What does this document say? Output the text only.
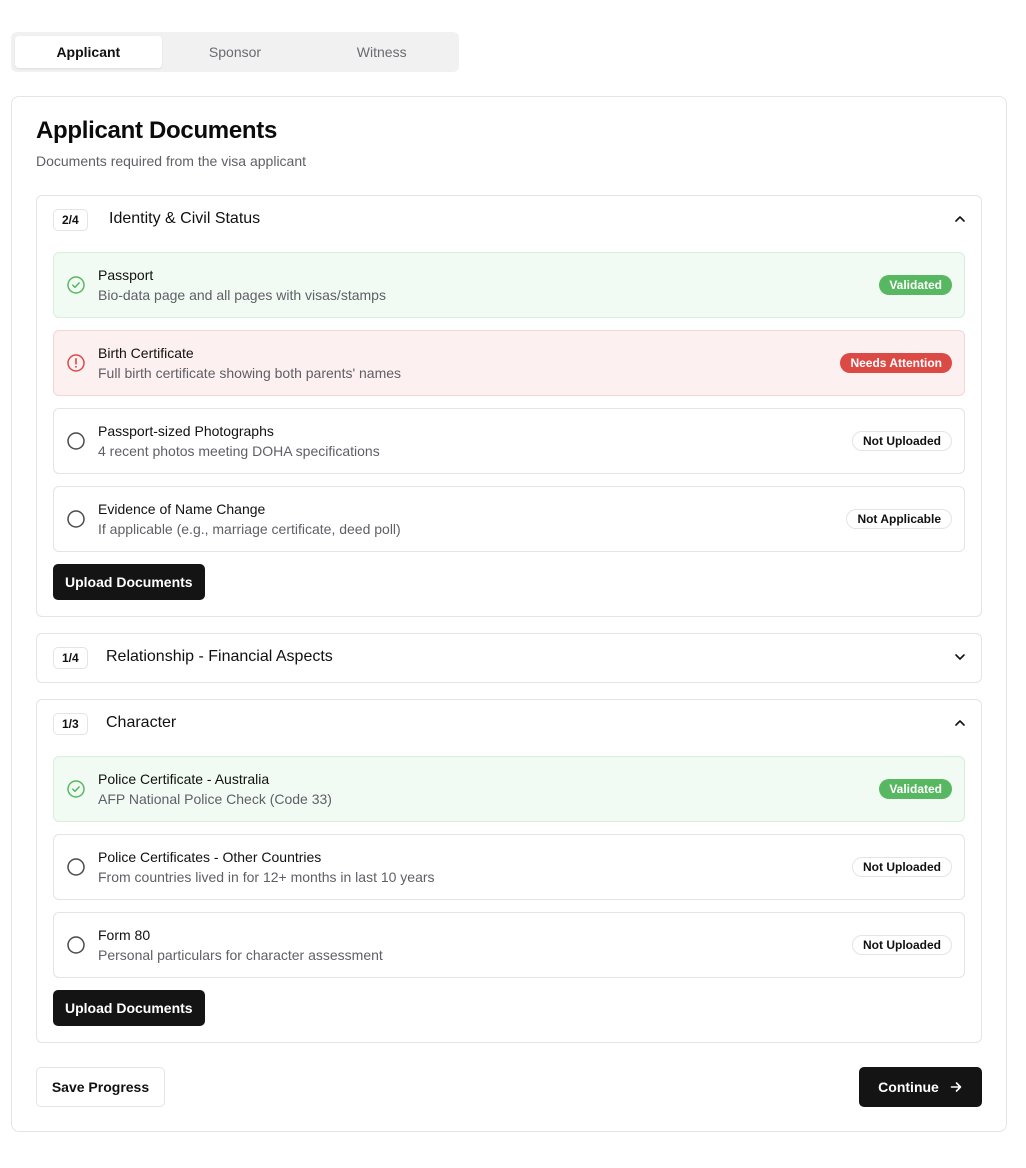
Applicant	Sponsor	Witness
Applicant Documents
Documents required from the visa applicant
2/4	Identity & Civil Status
Passport
Bio-data page and all pages with visas/stamps
Validated
Birth Certificate
Full birth certificate showing both parents' names
Needs Attention
Passport-sized Photographs
4 recent photos meeting DOHA specifications
Not Uploaded
Evidence of Name Change
If applicable (e.g., marriage certificate, deed poll)
Not Applicable
Upload Documents
1/4	Relationship - Financial Aspects
1/3	Character
Police Certificate - Australia
AFP National Police Check (Code 33)
Validated
Police Certificates - Other Countries
From countries lived in for 12+ months in last 10 years
Not Uploaded
Form 80
Personal particulars for character assessment
Not Uploaded
Upload Documents
Save Progress	Continue
